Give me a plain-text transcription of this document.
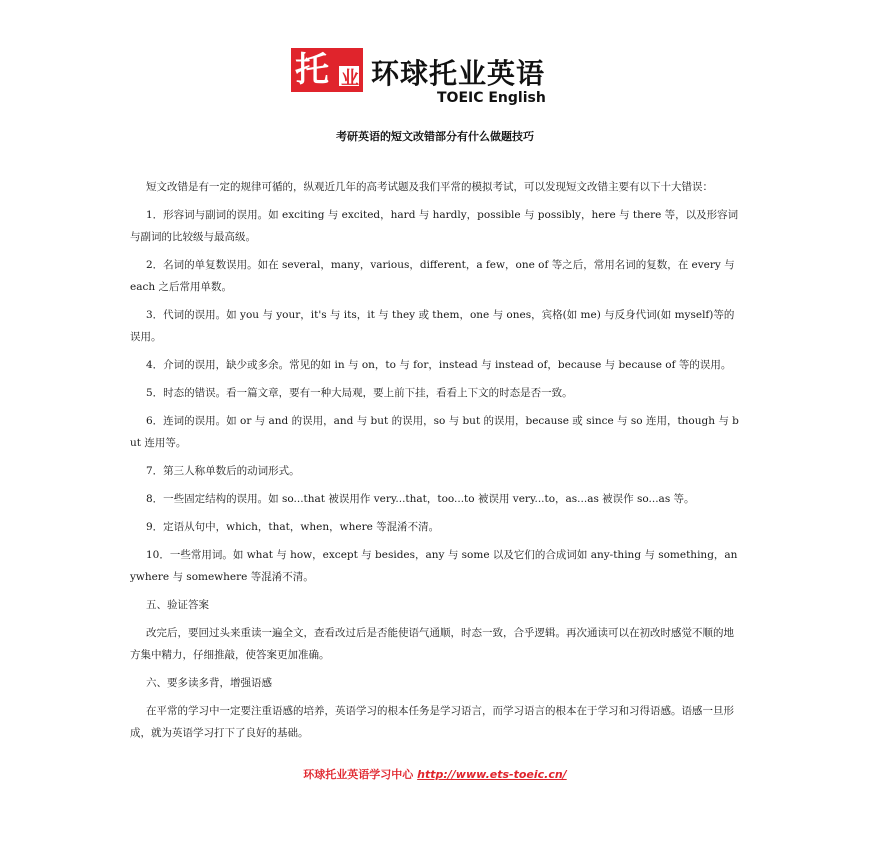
托 业 环球托业英语
TOEIC English
考研英语的短文改错部分有什么做题技巧

短文改错是有一定的规律可循的，纵观近几年的高考试题及我们平常的模拟考试，可以发现短文改错主要有以下十大错误：

1．形容词与副词的误用。如 exciting 与 excited，hard 与 hardly，possible 与 possibly，here 与 there 等，以及形容词与副词的比较级与最高级。

2．名词的单复数误用。如在 several，many，various，different，a few，one of 等之后，常用名词的复数，在 every 与 each 之后常用单数。

3．代词的误用。如 you 与 your，it's 与 its，it 与 they 或 them，one 与 ones，宾格(如 me) 与反身代词(如 myself)等的误用。

4．介词的误用，缺少或多余。常见的如 in 与 on，to 与 for，instead 与 instead of，because 与 because of 等的误用。

5．时态的错误。看一篇文章，要有一种大局观，要上前下挂，看看上下文的时态是否一致。

6．连词的误用。如 or 与 and 的误用，and 与 but 的误用，so 与 but 的误用，because 或 since 与 so 连用，though 与 but 连用等。

7．第三人称单数后的动词形式。

8．一些固定结构的误用。如 so...that 被误用作 very...that，too...to 被误用 very...to，as...as 被误作 so...as 等。

9．定语从句中，which，that，when，where 等混淆不清。

10．一些常用词。如 what 与 how，except 与 besides，any 与 some 以及它们的合成词如 any-thing 与 something，anywhere 与 somewhere 等混淆不清。

五、验证答案

改完后，要回过头来重读一遍全文，查看改过后是否能使语气通顺，时态一致，合乎逻辑。再次通读可以在初改时感觉不顺的地方集中精力，仔细推敲，使答案更加准确。

六、要多读多背，增强语感

在平常的学习中一定要注重语感的培养，英语学习的根本任务是学习语言，而学习语言的根本在于学习和习得语感。语感一旦形成，就为英语学习打下了良好的基础。

环球托业英语学习中心 http://www.ets-toeic.cn/
